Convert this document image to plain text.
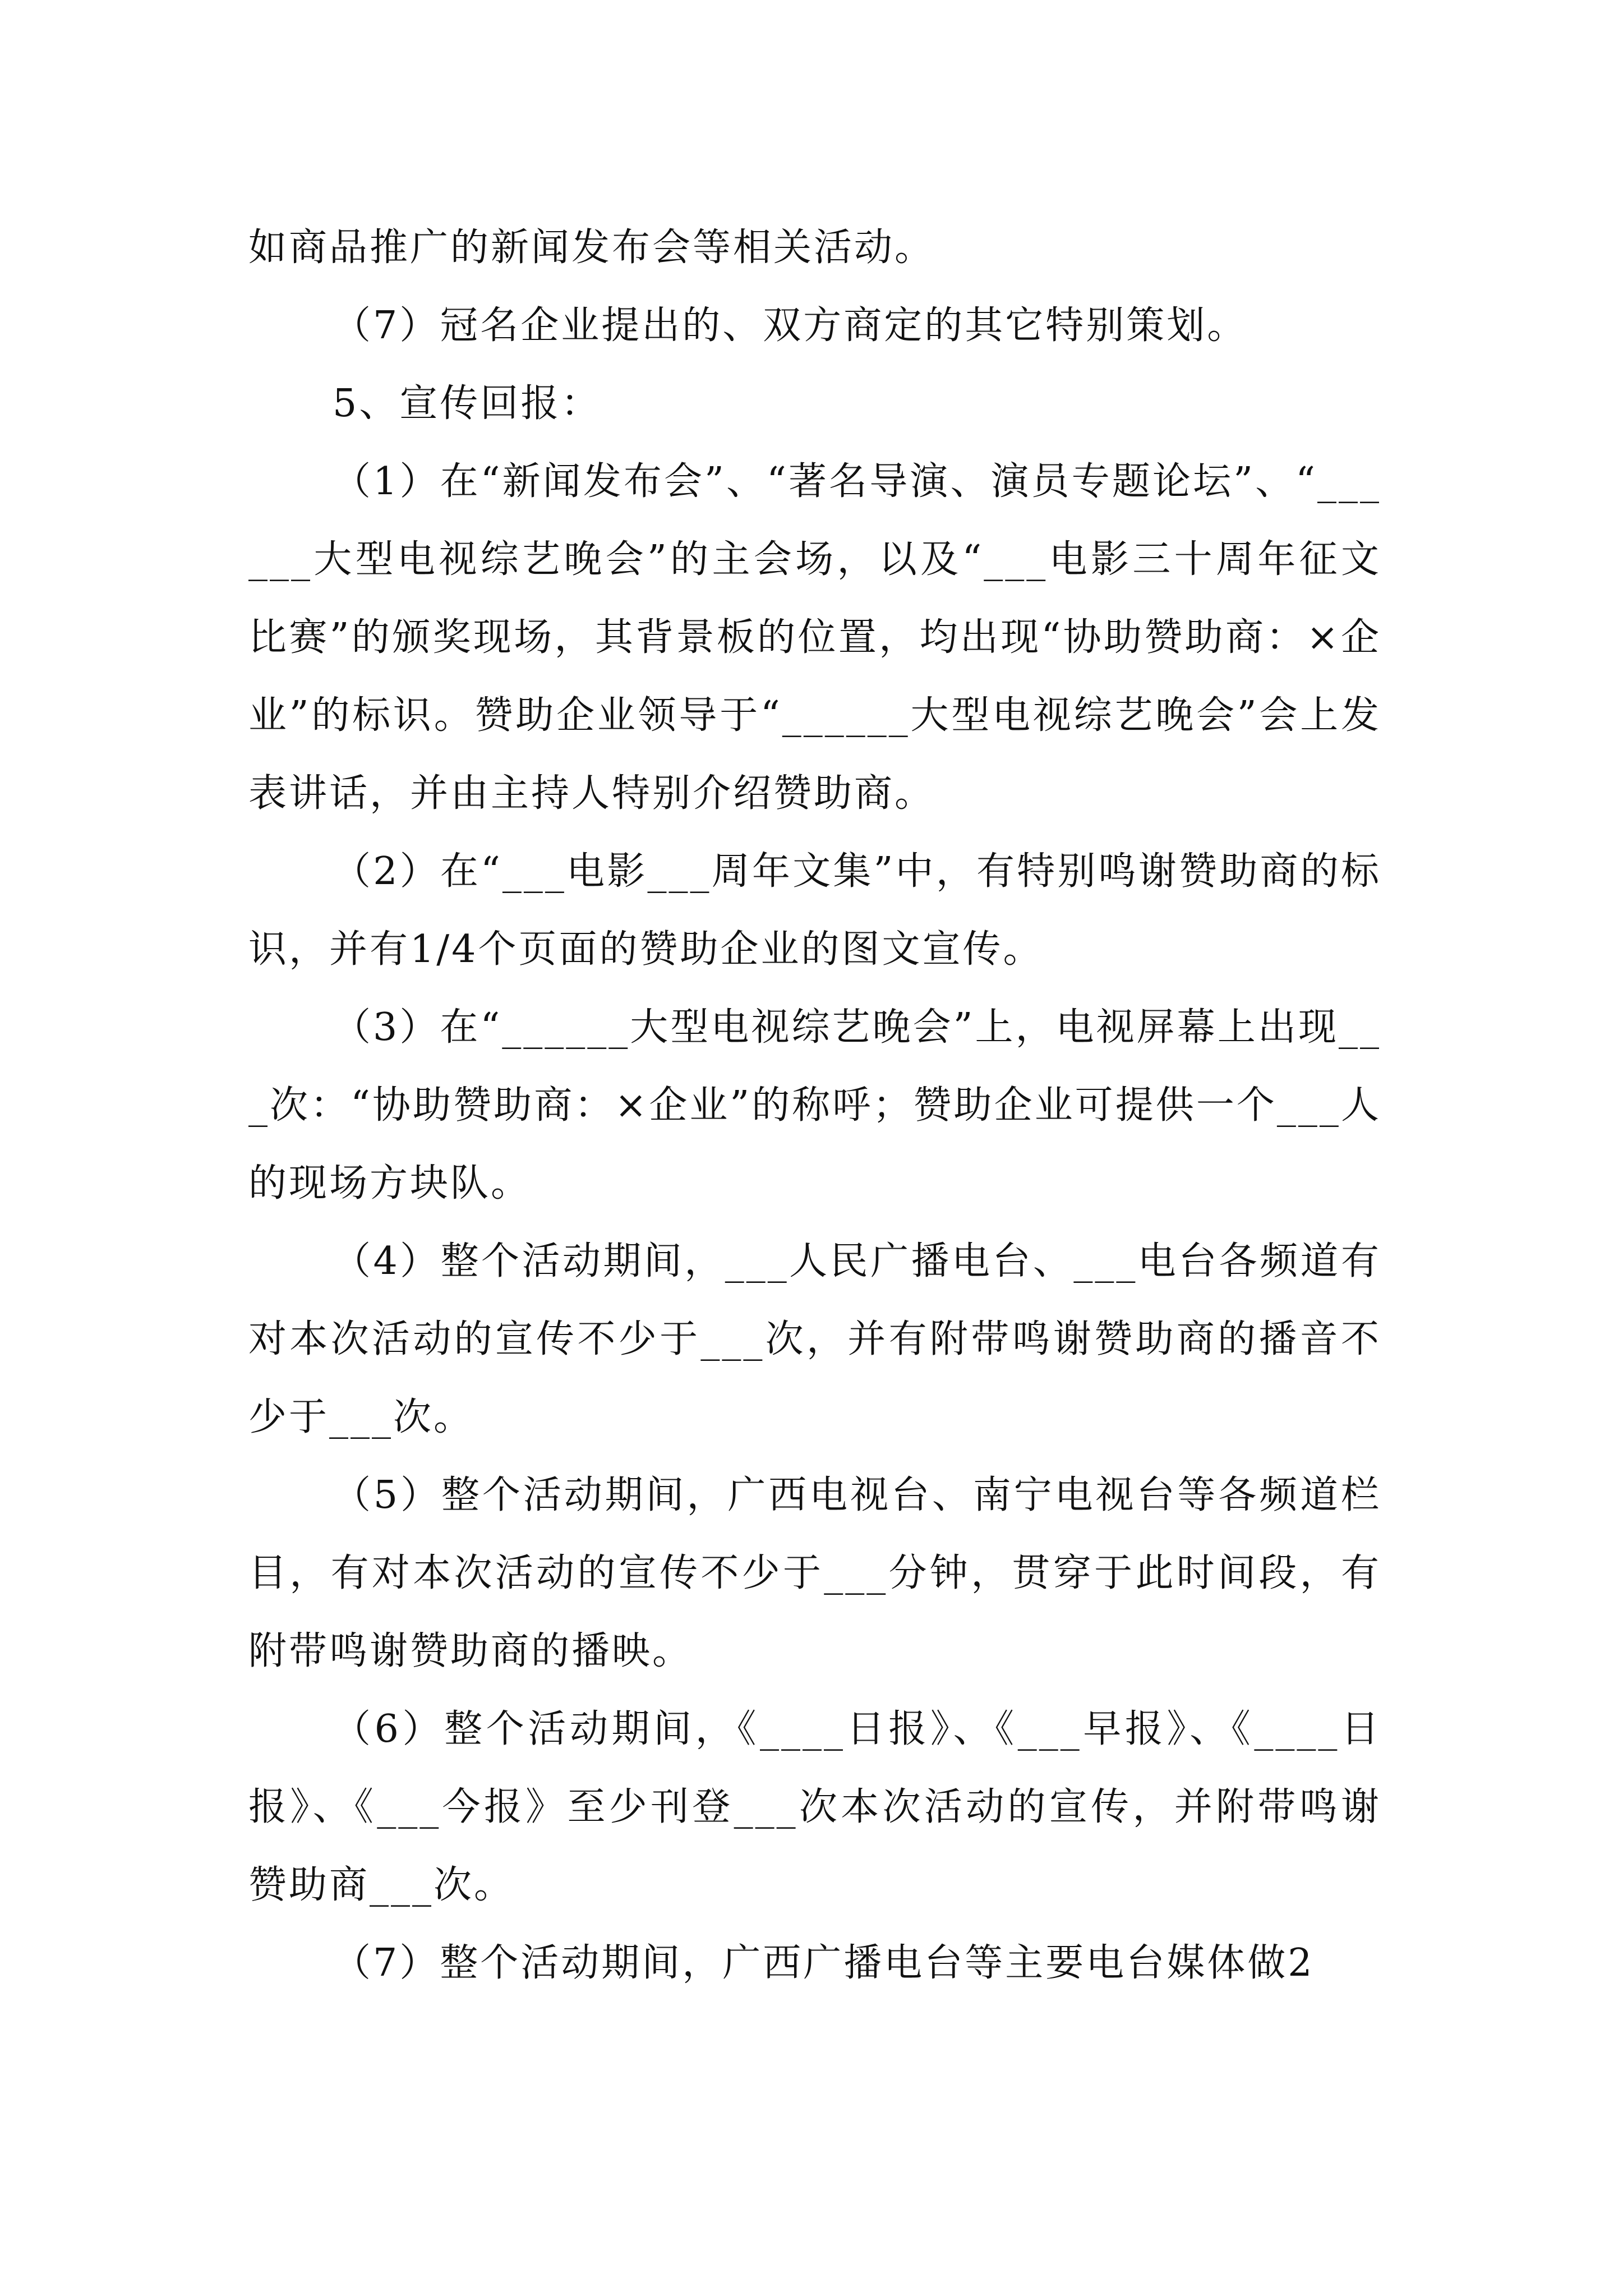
如商品推广的新闻发布会等相关活动。

（7）冠名企业提出的、双方商定的其它特别策划。

5、宣传回报：

（1）在“新闻发布会”、“著名导演、演员专题论坛”、“______大型电视综艺晚会”的主会场，以及“___电影三十周年征文比赛”的颁奖现场，其背景板的位置，均出现“协助赞助商：×企业”的标识。赞助企业领导于“______大型电视综艺晚会”会上发表讲话，并由主持人特别介绍赞助商。

（2）在“___电影___周年文集”中，有特别鸣谢赞助商的标识，并有1/4个页面的赞助企业的图文宣传。

（3）在“______大型电视综艺晚会”上，电视屏幕上出现___次：“协助赞助商：×企业”的称呼；赞助企业可提供一个___人的现场方块队。

（4）整个活动期间，___人民广播电台、___电台各频道有对本次活动的宣传不少于___次，并有附带鸣谢赞助商的播音不少于___次。

（5）整个活动期间，广西电视台、南宁电视台等各频道栏目，有对本次活动的宣传不少于___分钟，贯穿于此时间段，有附带鸣谢赞助商的播映。

（6）整个活动期间，《____日报》、《___早报》、《____日报》、《___今报》至少刊登___次本次活动的宣传，并附带鸣谢赞助商___次。

（7）整个活动期间，广西广播电台等主要电台媒体做2
